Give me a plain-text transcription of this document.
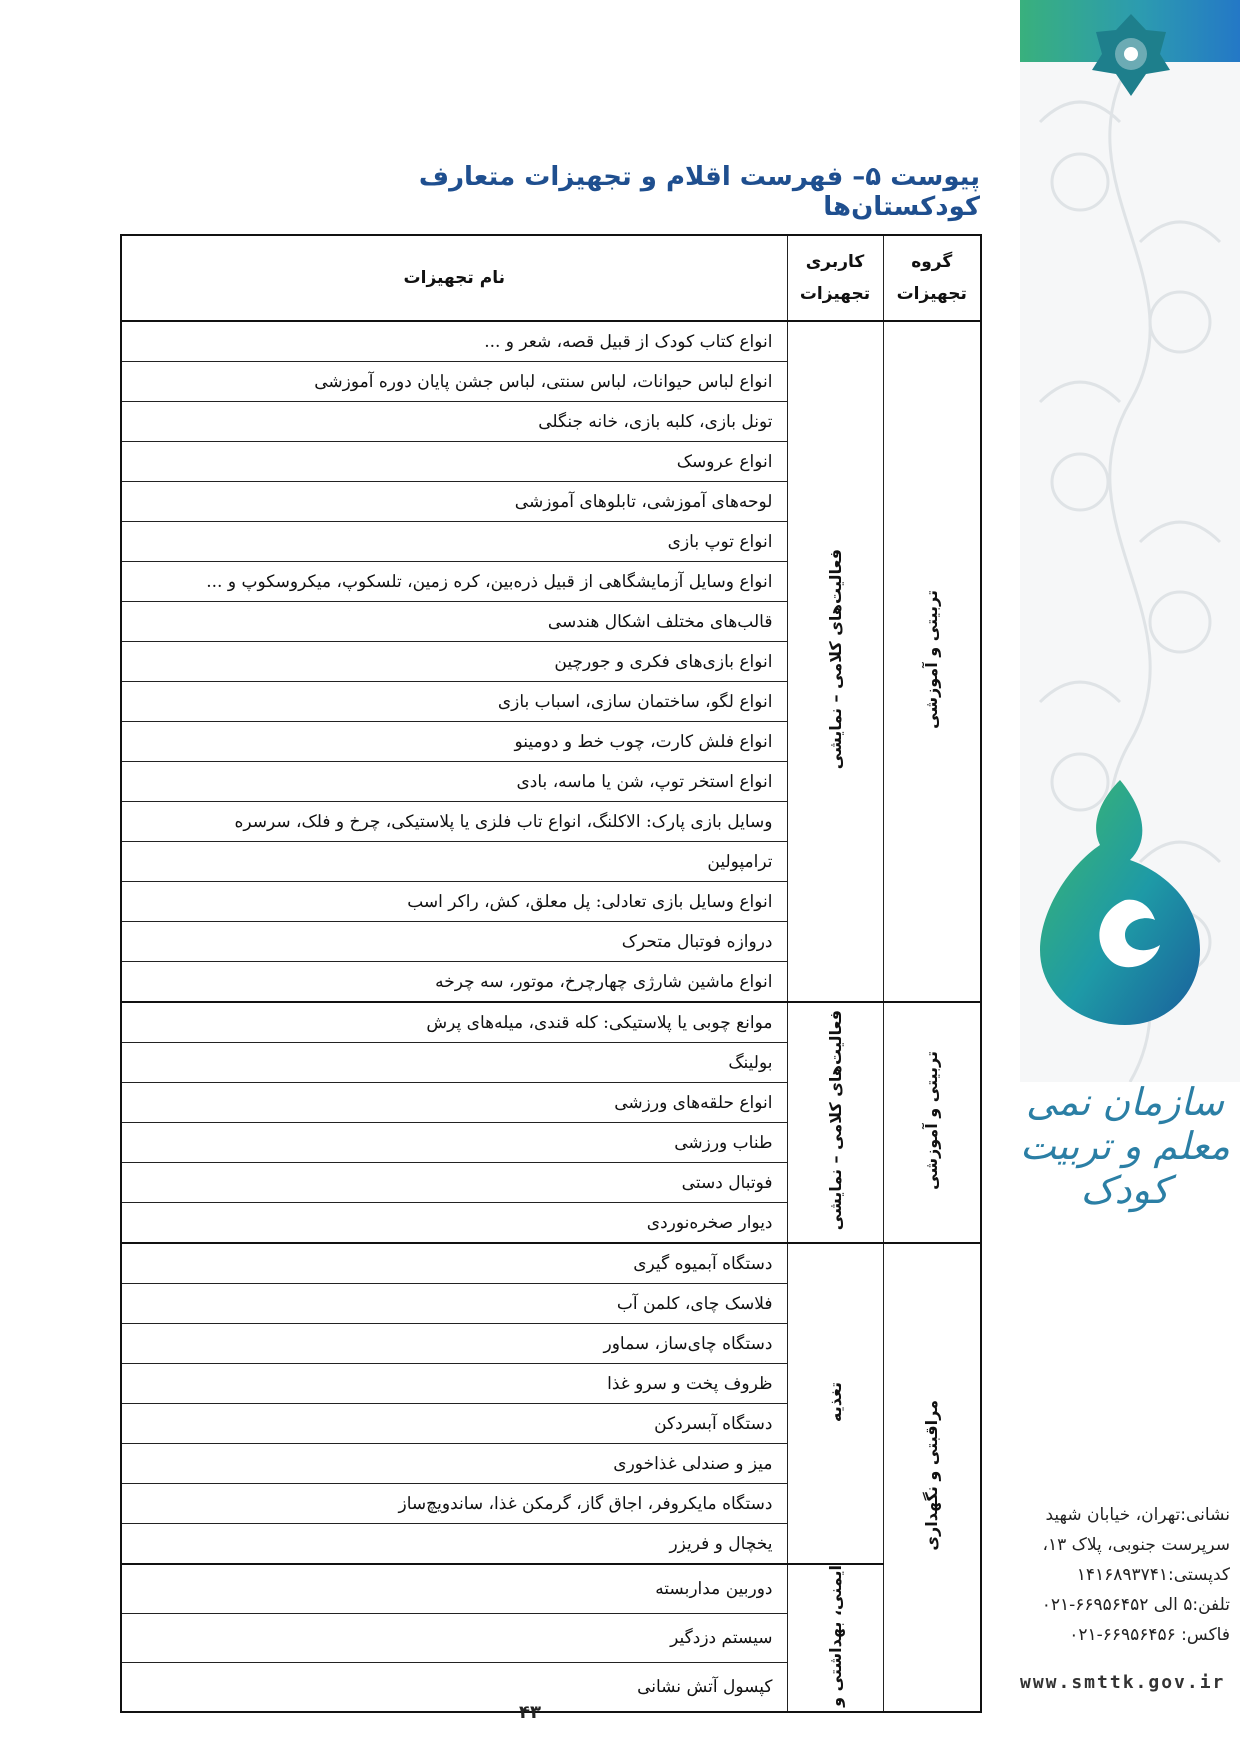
سازمان نمی معلم و تربیت کودک
نشانی:تهران، خیابان شهید
سرپرست جنوبی، پلاک ۱۳،
کدپستی:۱۴۱۶۸۹۳۷۴۱
تلفن:۵ الی ۶۶۹۵۶۴۵۲-۰۲۱
فاکس: ۶۶۹۵۶۴۵۶-۰۲۱
www.smttk.gov.ir
پیوست ۵– فهرست اقلام و تجهیزات متعارف کودکستان‌ها
گروه تجهیزات	کاربری تجهیزات	نام تجهیزات
تربیتی و آموزشی	فعالیت‌های کلامی – نمایشی	انواع کتاب کودک از قبیل قصه، شعر و ...
		انواع لباس حیوانات، لباس سنتی، لباس جشن پایان دوره آموزشی
		تونل بازی، کلبه بازی، خانه جنگلی
		انواع عروسک
		لوحه‌های آموزشی، تابلوهای آموزشی
		انواع توپ بازی
		انواع وسایل آزمایشگاهی از قبیل ذره‌بین، کره زمین، تلسکوپ، میکروسکوپ و ...
		قالب‌های مختلف اشکال هندسی
		انواع بازی‌های فکری و جورچین
		انواع لگو، ساختمان سازی، اسباب بازی
		انواع فلش کارت، چوب خط و دومینو
		انواع استخر توپ، شن یا ماسه، بادی
		وسایل بازی پارک: الاکلنگ، انواع تاب فلزی یا پلاستیکی، چرخ و فلک، سرسره
		ترامپولین
		انواع وسایل بازی تعادلی: پل معلق، کش، راکر اسب
		دروازه فوتبال متحرک
		انواع ماشین شارژی چهارچرخ، موتور، سه چرخه
تربیتی و آموزشی	فعالیت‌های کلامی – نمایشی	موانع چوبی یا پلاستیکی: کله قندی، میله‌های پرش
		بولینگ
		انواع حلقه‌های ورزشی
		طناب ورزشی
		فوتبال دستی
		دیوار صخره‌نوردی
مراقبتی و نگهداری	تغذیه	دستگاه آبمیوه گیری
		فلاسک چای، کلمن آب
		دستگاه چای‌ساز، سماور
		ظروف پخت و سرو غذا
		دستگاه آبسردکن
		میز و صندلی غذاخوری
		دستگاه مایکروفر، اجاق گاز، گرمکن غذا، ساندویچ‌ساز
		یخچال و فریزر
	ایمنی، بهداشتی و	دوربین مداربسته
		سیستم دزدگیر
		کپسول آتش نشانی
۴۳
